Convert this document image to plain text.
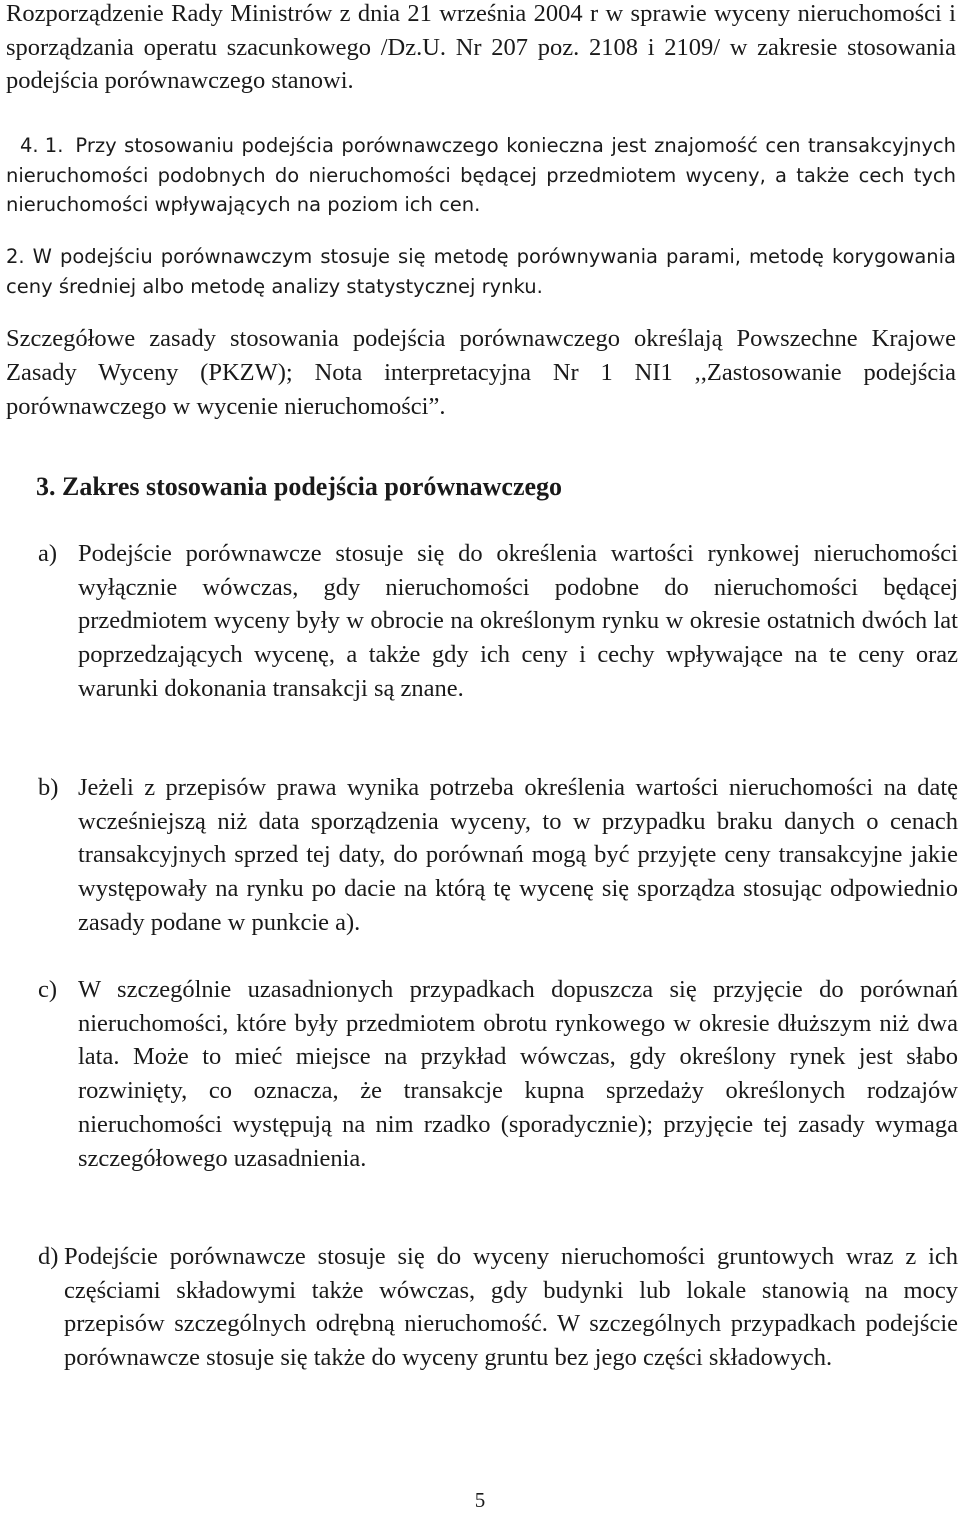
Rozporządzenie Rady Ministrów z dnia 21 września 2004 r w sprawie wyceny nieruchomości i sporządzania operatu szacunkowego /Dz.U. Nr 207 poz. 2108 i 2109/ w zakresie stosowania podejścia porównawczego stanowi.

4. 1. Przy stosowaniu podejścia porównawczego konieczna jest znajomość cen transakcyjnych nieruchomości podobnych do nieruchomości będącej przedmiotem wyceny, a także cech tych nieruchomości wpływających na poziom ich cen.

2. W podejściu porównawczym stosuje się metodę porównywania parami, metodę korygowania ceny średniej albo metodę analizy statystycznej rynku.

Szczegółowe zasady stosowania podejścia porównawczego określają Powszechne Krajowe Zasady Wyceny (PKZW); Nota interpretacyjna Nr 1 NI1 ,,Zastosowanie podejścia porównawczego w wycenie nieruchomości”.

3. Zakres stosowania podejścia porównawczego
a) Podejście porównawcze stosuje się do określenia wartości rynkowej nieruchomości wyłącznie wówczas, gdy nieruchomości podobne do nieruchomości będącej przedmiotem wyceny były w obrocie na określonym rynku w okresie ostatnich dwóch lat poprzedzających wycenę, a także gdy ich ceny i cechy wpływające na te ceny oraz warunki dokonania transakcji są znane.
b) Jeżeli z przepisów prawa wynika potrzeba określenia wartości nieruchomości na datę wcześniejszą niż data sporządzenia wyceny, to w przypadku braku danych o cenach transakcyjnych sprzed tej daty, do porównań mogą być przyjęte ceny transakcyjne jakie występowały na rynku po dacie na którą tę wycenę się sporządza stosując odpowiednio zasady podane w punkcie a).
c) W szczególnie uzasadnionych przypadkach dopuszcza się przyjęcie do porównań nieruchomości, które były przedmiotem obrotu rynkowego w okresie dłuższym niż dwa lata. Może to mieć miejsce na przykład wówczas, gdy określony rynek jest słabo rozwinięty, co oznacza, że transakcje kupna sprzedaży określonych rodzajów nieruchomości występują na nim rzadko (sporadycznie); przyjęcie tej zasady wymaga szczegółowego uzasadnienia.
d) Podejście porównawcze stosuje się do wyceny nieruchomości gruntowych wraz z ich częściami składowymi także wówczas, gdy budynki lub lokale stanowią na mocy przepisów szczególnych odrębną nieruchomość. W szczególnych przypadkach podejście porównawcze stosuje się także do wyceny gruntu bez jego części składowych.
5
